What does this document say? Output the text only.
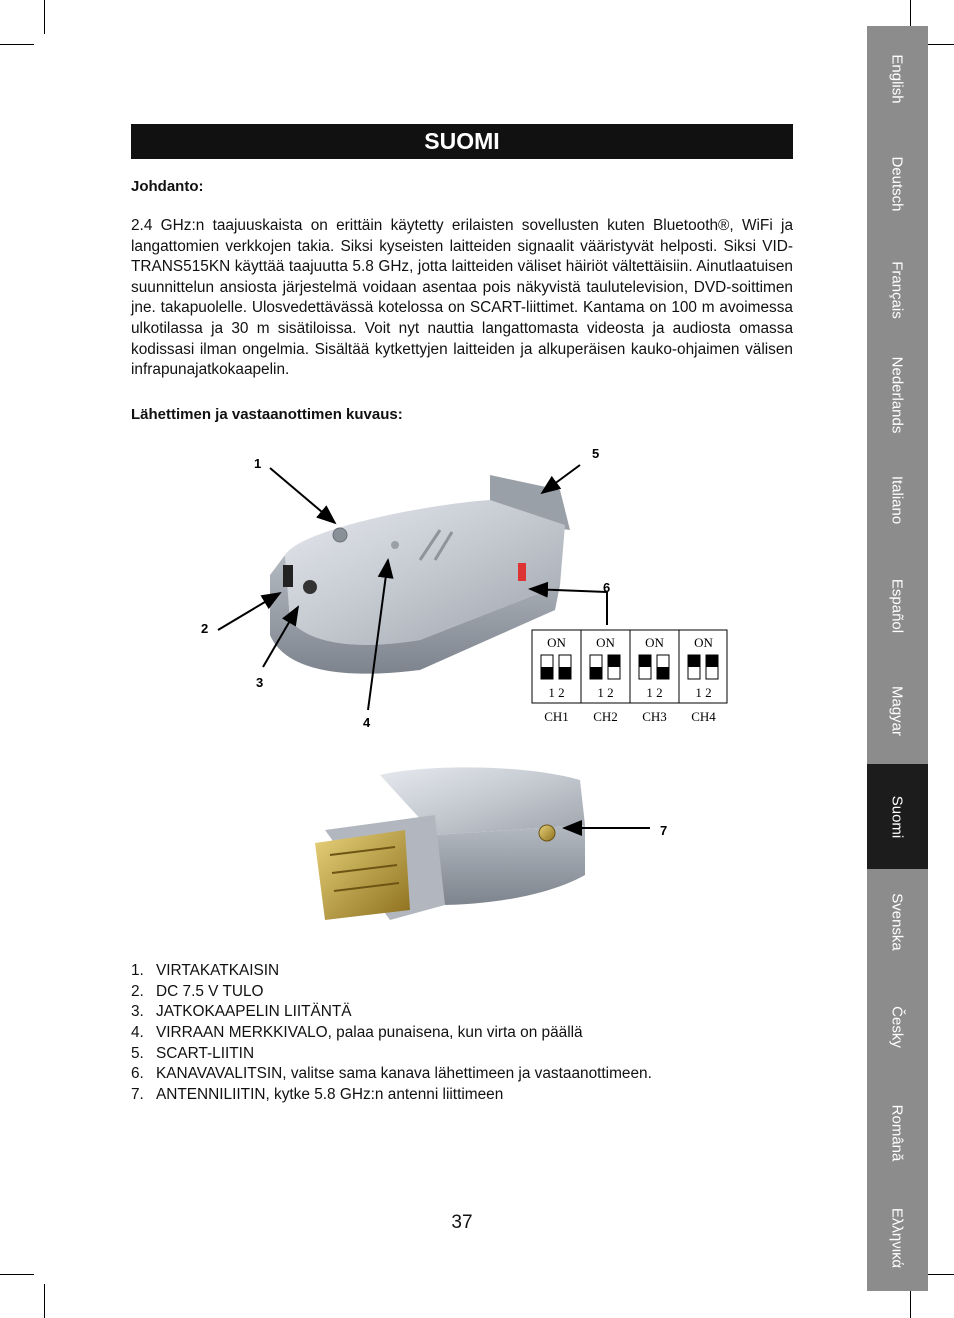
SUOMI
Johdanto:

2.4 GHz:n taajuuskaista on erittäin käytetty erilaisten sovellusten kuten Bluetooth®, WiFi ja langattomien verkkojen takia. Siksi kyseisten laitteiden signaalit vääristyvät helposti. Siksi VID-TRANS515KN käyttää taajuutta 5.8 GHz, jotta laitteiden väliset häiriöt vältettäisiin. Ainutlaatuisen suunnittelun ansiosta järjestelmä voidaan asentaa pois näkyvistä taulutelevision, DVD-soittimen jne. takapuolelle. Ulosvedettävässä kotelossa on SCART-liittimet. Kantama on 100 m avoimessa ulkotilassa ja 30 m sisätiloissa. Voit nyt nauttia langattomasta videosta ja audiosta omassa kodissasi ilman ongelmia. Sisältää kytkettyjen laitteiden ja alkuperäisen kauko-ohjaimen välisen infrapunajatkokaapelin.

Lähettimen ja vastaanottimen kuvaus:
1
2
3
4
5
6
7
ON
1 2
CH1
ON
1 2
CH2
ON
1 2
CH3
ON
1 2
CH4
1. VIRTAKATKAISIN
2. DC 7.5 V TULO
3. JATKOKAAPELIN LIITÄNTÄ
4. VIRRAAN MERKKIVALO, palaa punaisena, kun virta on päällä
5. SCART-LIITIN
6. KANAVAVALITSIN, valitse sama kanava lähettimeen ja vastaanottimeen.
7. ANTENNILIITIN, kytke 5.8 GHz:n antenni liittimeen
37
English
Deutsch
Français
Nederlands
Italiano
Español
Magyar
Suomi
Svenska
Česky
Română
Ελληνικά
